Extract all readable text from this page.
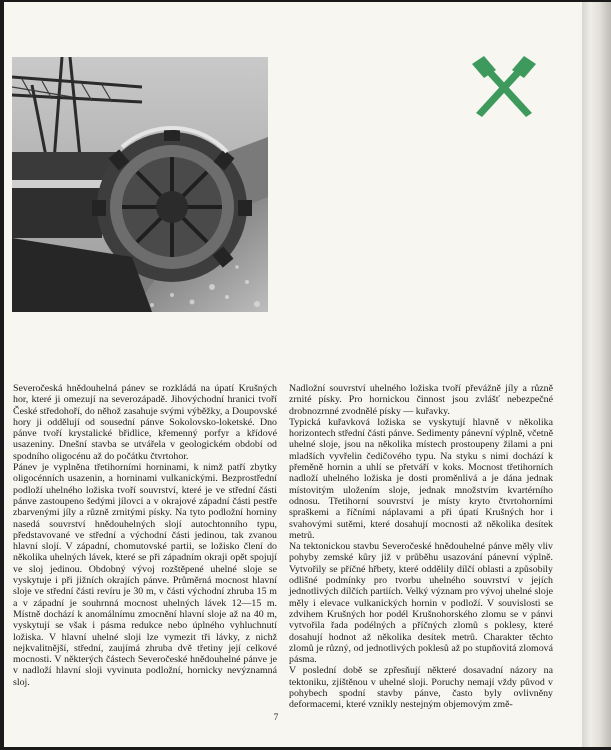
Severočeská hnědouhelná pánev se rozkládá na úpatí Krušných hor, které ji omezují na severozápadě. Jihovýchodní hranici tvoří České středohoří, do něhož zasahuje svými výběžky, a Doupovské hory ji oddělují od sousední pánve Sokolovsko-loketské. Dno pánve tvoří krystalické břidlice, křemenný porfyr a křídové usazeniny. Dnešní stavba se utvářela v geologickém období od spodního oligocénu až do počátku čtvrtohor.

Pánev je vyplněna třetihorními horninami, k nimž patří zbytky oligocénních usazenin, a horninami vulkanickými. Bezprostřední podloží uhelného ložiska tvoří souvrství, které je ve střední části pánve zastoupeno šedými jílovci a v okrajové západní části pestře zbarvenými jíly a různě zrnitými písky. Na tyto podložní horniny nasedá souvrství hnědouhelných slojí autochtonního typu, představované ve střední a východní části jedinou, tak zvanou hlavní slojí. V západní, chomutovské partii, se ložisko člení do několika uhelných lávek, které se při západním okraji opět spojují ve sloj jedinou. Obdobný vývoj rozštěpené uhelné sloje se vyskytuje i při jižních okrajích pánve. Průměrná mocnost hlavní sloje ve střední části revíru je 30 m, v části východní zhruba 15 m a v západní je souhrnná mocnost uhelných lávek 12—15 m. Místně dochází k anomálnímu zmocnění hlavní sloje až na 40 m, vyskytují se však i pásma redukce nebo úplného vyhluchnutí ložiska. V hlavní uhelné sloji lze vymezit tři lávky, z nichž nejkvalitnější, střední, zaujímá zhruba dvě třetiny její celkové mocnosti. V některých částech Severočeské hnědouhelné pánve je v nadloží hlavní sloji vyvinuta podložní, hornicky nevýznamná sloj.

Nadložní souvrství uhelného ložiska tvoří převážně jíly a různě zrnité písky. Pro hornickou činnost jsou zvlášť nebezpečné drobnozrnné zvodnělé písky — kuřavky.

Typická kuřavková ložiska se vyskytují hlavně v několika horizontech střední části pánve. Sedimenty pánevní výplně, včetně uhelné sloje, jsou na několika místech prostoupeny žilami a pni mladších vyvřelin čedičového typu. Na styku s nimi dochází k přeměně hornin a uhlí se přetváří v koks. Mocnost třetihorních nadloží uhelného ložiska je dosti proměnlivá a je dána jednak místovitým uložením sloje, jednak množstvím kvartérního odnosu. Třetihorní souvrství je místy kryto čtvrtohorními spraškemi a říčními náplavami a při úpatí Krušných hor i svahovými sutěmi, které dosahují mocnosti až několika desítek metrů.

Na tektonickou stavbu Severočeské hnědouhelné pánve měly vliv pohyby zemské kůry již v průběhu usazování pánevní výplně. Vytvořily se příčné hřbety, které oddělily dílčí oblasti a způsobily odlišné podmínky pro tvorbu uhelného souvrství v jejích jednotlivých dílčích partiích. Velký význam pro vývoj uhelné sloje měly i elevace vulkanických hornin v podloží. V souvislosti se zdvihem Krušných hor podél Krušnohorského zlomu se v pánvi vytvořila řada podélných a příčných zlomů s poklesy, které dosahují hodnot až několika desítek metrů. Charakter těchto zlomů je různý, od jednotlivých poklesů až po stupňovitá zlomová pásma.

V poslední době se zpřesňují některé dosavadní názory na tektoniku, zjištěnou v uhelné sloji. Poruchy nemají vždy původ v pohybech spodní stavby pánve, často byly ovlivněny deformacemi, které vznikly nestejným objemovým změ-

7
